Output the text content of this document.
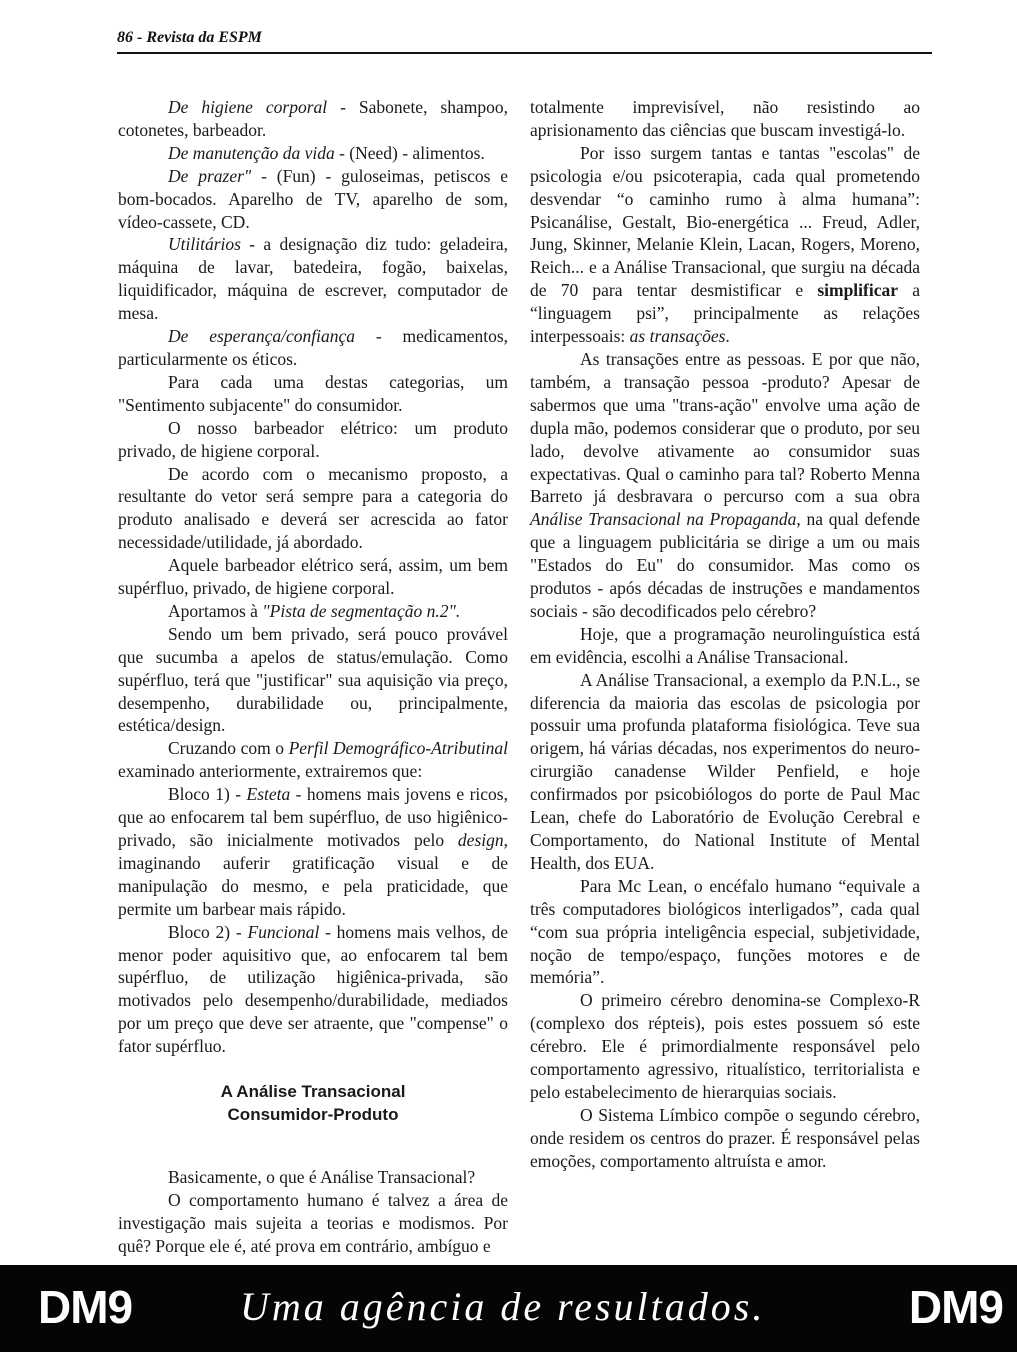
86 - Revista da ESPM

De higiene corporal - Sabonete, shampoo, cotonetes, barbeador.

De manutenção da vida - (Need) - alimentos.

De prazer" - (Fun) - guloseimas, petiscos e bom-bocados. Aparelho de TV, aparelho de som, vídeo-cassete, CD.

Utilitários - a designação diz tudo: geladeira, máquina de lavar, batedeira, fogão, baixelas, liquidificador, máquina de escrever, computador de mesa.

De esperança/confiança - medicamentos, particularmente os éticos.

Para cada uma destas categorias, um "Sentimento subjacente" do consumidor.

O nosso barbeador elétrico: um produto privado, de higiene corporal.

De acordo com o mecanismo proposto, a resultante do vetor será sempre para a categoria do produto analisado e deverá ser acrescida ao fator necessidade/utilidade, já abordado.

Aquele barbeador elétrico será, assim, um bem supérfluo, privado, de higiene corporal.

Aportamos à "Pista de segmentação n.2".

Sendo um bem privado, será pouco provável que sucumba a apelos de status/emulação. Como supérfluo, terá que "justificar" sua aquisição via preço, desempenho, durabilidade ou, principalmente, estética/design.

Cruzando com o Perfil Demográfico-Atributinal examinado anteriormente, extrairemos que:

Bloco 1) - Esteta - homens mais jovens e ricos, que ao enfocarem tal bem supérfluo, de uso higiênico-privado, são inicialmente motivados pelo design, imaginando auferir gratificação visual e de manipulação do mesmo, e pela praticidade, que permite um barbear mais rápido.

Bloco 2) - Funcional - homens mais velhos, de menor poder aquisitivo que, ao enfocarem tal bem supérfluo, de utilização higiênica-privada, são motivados pelo desempenho/durabilidade, mediados por um preço que deve ser atraente, que "compense" o fator supérfluo.

A Análise Transacional
Consumidor-Produto

Basicamente, o que é Análise Transacional?

O comportamento humano é talvez a área de investigação mais sujeita a teorias e modismos. Por quê? Porque ele é, até prova em contrário, ambíguo e

totalmente imprevisível, não resistindo ao aprisionamento das ciências que buscam investigá-lo.

Por isso surgem tantas e tantas "escolas" de psicologia e/ou psicoterapia, cada qual prometendo desvendar “o caminho rumo à alma humana”: Psicanálise, Gestalt, Bio-energética ... Freud, Adler, Jung, Skinner, Melanie Klein, Lacan, Rogers, Moreno, Reich... e a Análise Transacional, que surgiu na década de 70 para tentar desmistificar e simplificar a “linguagem psi”, principalmente as relações interpessoais: as transações.

As transações entre as pessoas. E por que não, também, a transação pessoa -produto? Apesar de sabermos que uma "trans-ação" envolve uma ação de dupla mão, podemos considerar que o produto, por seu lado, devolve ativamente ao consumidor suas expectativas. Qual o caminho para tal? Roberto Menna Barreto já desbravara o percurso com a sua obra Análise Transacional na Propaganda, na qual defende que a linguagem publicitária se dirige a um ou mais "Estados do Eu" do consumidor. Mas como os produtos - após décadas de instruções e mandamentos sociais - são decodificados pelo cérebro?

Hoje, que a programação neurolinguística está em evidência, escolhi a Análise Transacional.

A Análise Transacional, a exemplo da P.N.L., se diferencia da maioria das escolas de psicologia por possuir uma profunda plataforma fisiológica. Teve sua origem, há várias décadas, nos experimentos do neuro-cirurgião canadense Wilder Penfield, e hoje confirmados por psicobiólogos do porte de Paul Mac Lean, chefe do Laboratório de Evolução Cerebral e Comportamento, do National Institute of Mental Health, dos EUA.

Para Mc Lean, o encéfalo humano “equivale a três computadores biológicos interligados”, cada qual “com sua própria inteligência especial, subjetividade, noção de tempo/espaço, funções motores e de memória”.

O primeiro cérebro denomina-se Complexo-R (complexo dos répteis), pois estes possuem só este cérebro. Ele é primordialmente responsável pelo comportamento agressivo, ritualístico, territorialista e pelo estabelecimento de hierarquias sociais.

O Sistema Límbico compõe o segundo cérebro, onde residem os centros do prazer. É responsável pelas emoções, comportamento altruísta e amor.

DM9	Uma agência de resultados.	DM9
